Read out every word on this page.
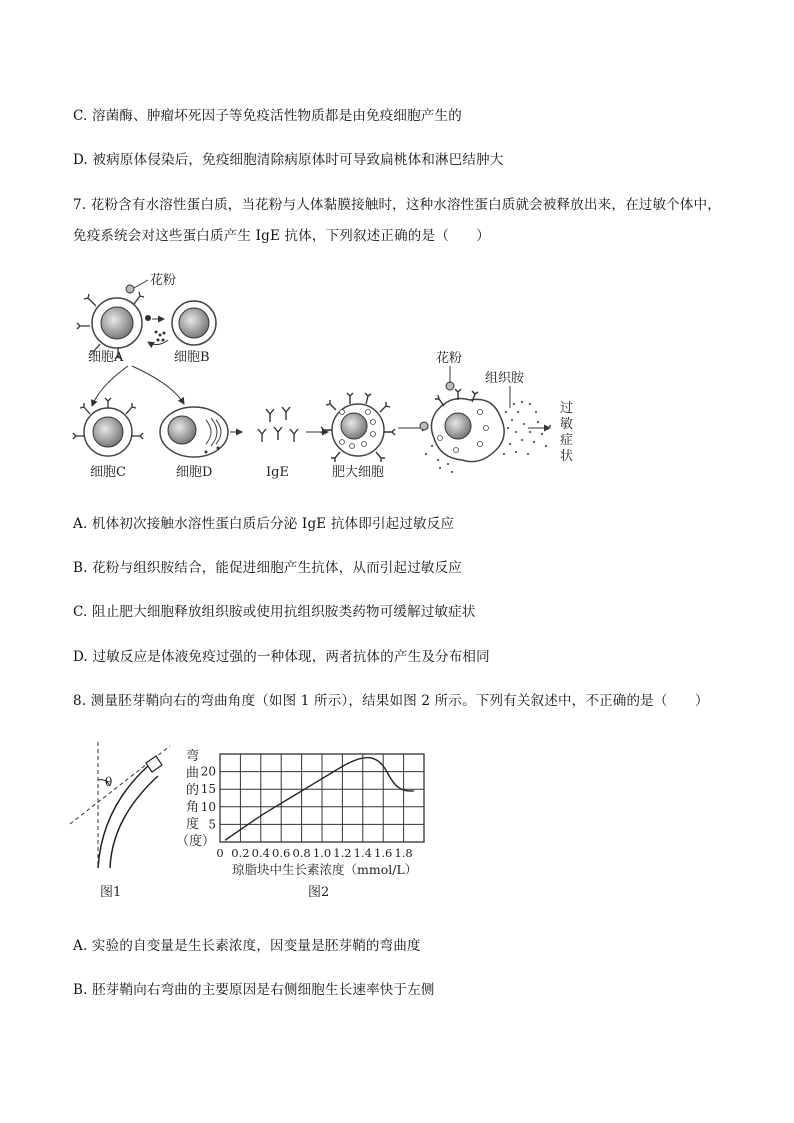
C. 溶菌酶、肿瘤坏死因子等免疫活性物质都是由免疫细胞产生的
D. 被病原体侵染后，免疫细胞清除病原体时可导致扁桃体和淋巴结肿大
7. 花粉含有水溶性蛋白质，当花粉与人体黏膜接触时，这种水溶性蛋白质就会被释放出来，在过敏个体中，
免疫系统会对这些蛋白质产生 IgE 抗体，下列叙述正确的是（　　）
花粉
细胞A	细胞B
细胞C	细胞D	IgE	肥大细胞
花粉
组织胺
过
敏
症
状
A. 机体初次接触水溶性蛋白质后分泌 IgE 抗体即引起过敏反应
B. 花粉与组织胺结合，能促进细胞产生抗体，从而引起过敏反应
C. 阻止肥大细胞释放组织胺或使用抗组织胺类药物可缓解过敏症状
D. 过敏反应是体液免疫过强的一种体现，两者抗体的产生及分布相同
8. 测量胚芽鞘向右的弯曲角度（如图 1 所示），结果如图 2 所示。下列有关叙述中，不正确的是（　　）
θ
图1
弯
曲
的
角
度
（度）
5
10
15
20
0 0.2 0.4 0.6 0.8 1.0 1.2 1.4 1.6 1.8
琼脂块中生长素浓度（mmol/L）
图2
A. 实验的自变量是生长素浓度，因变量是胚芽鞘的弯曲度
B. 胚芽鞘向右弯曲的主要原因是右侧细胞生长速率快于左侧
